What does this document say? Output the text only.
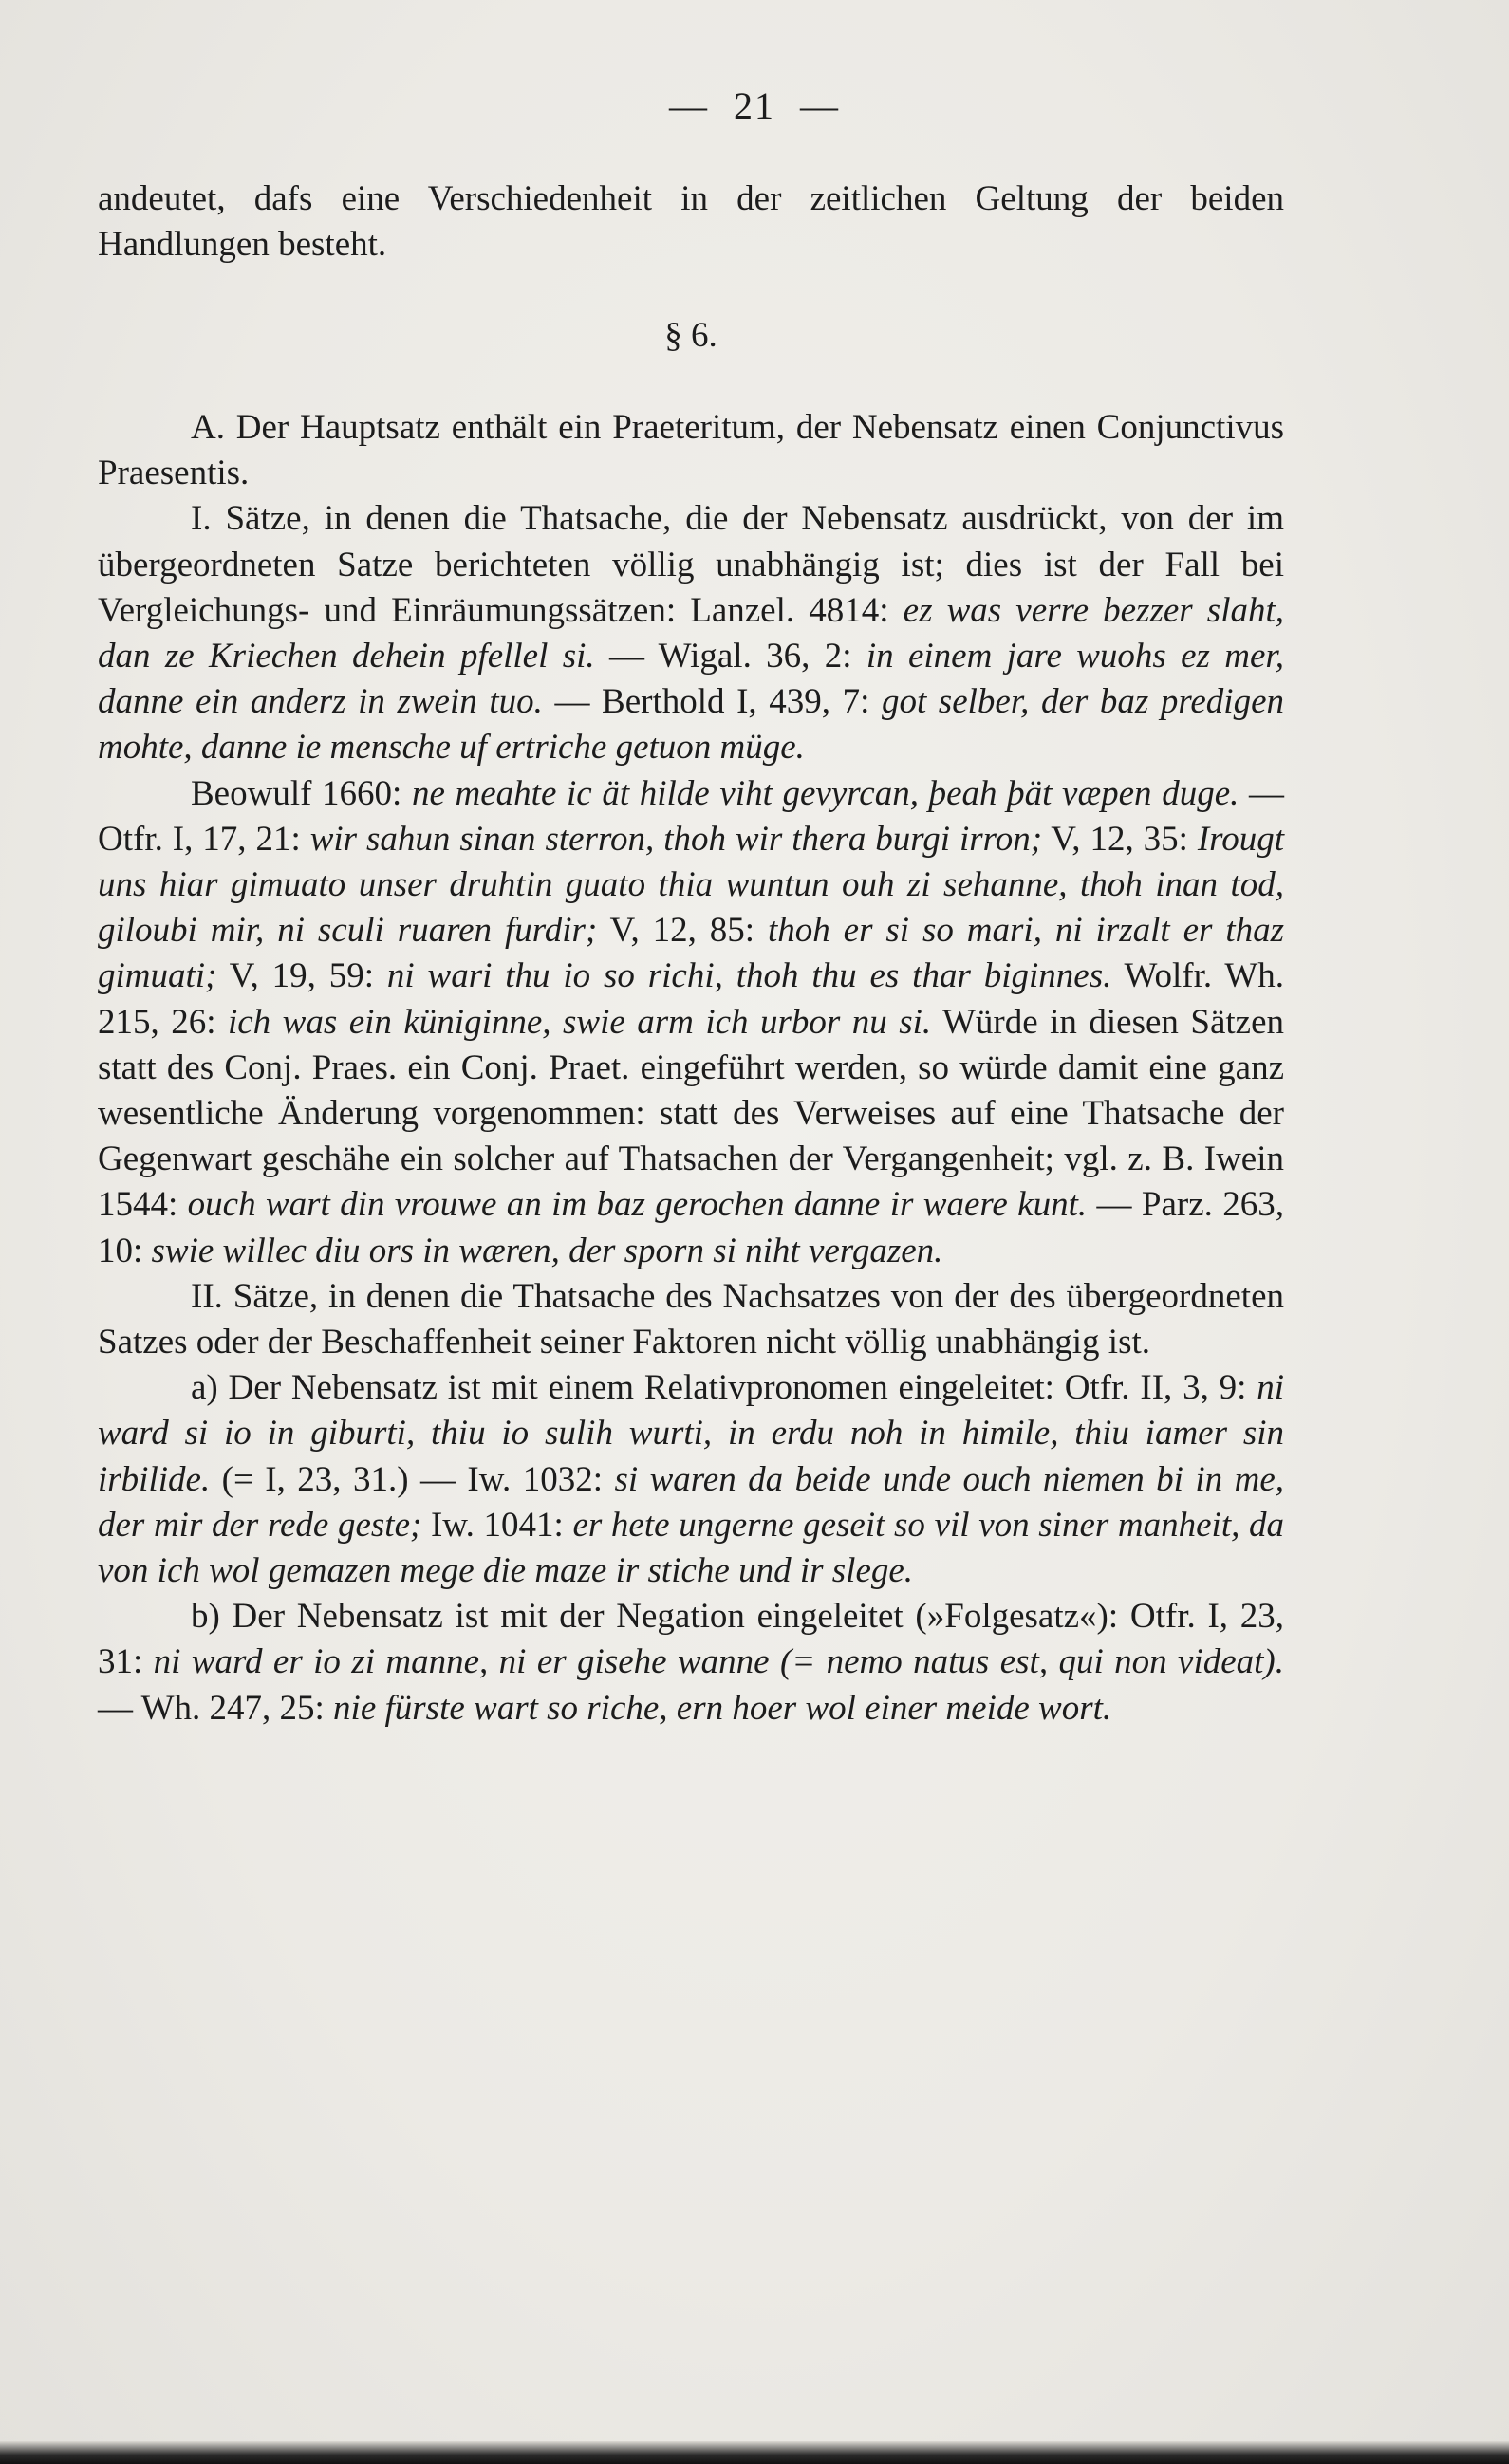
— 21 —

andeutet, dafs eine Verschiedenheit in der zeitlichen Geltung der beiden Handlungen besteht.

§ 6.

A. Der Hauptsatz enthält ein Praeteritum, der Nebensatz einen Conjunctivus Praesentis.

I. Sätze, in denen die Thatsache, die der Nebensatz ausdrückt, von der im übergeordneten Satze berichteten völlig unabhängig ist; dies ist der Fall bei Vergleichungs- und Einräumungssätzen: Lanzel. 4814: ez was verre bezzer slaht, dan ze Kriechen dehein pfellel si. — Wigal. 36, 2: in einem jare wuohs ez mer, danne ein anderz in zwein tuo. — Berthold I, 439, 7: got selber, der baz predigen mohte, danne ie mensche uf ertriche getuon müge.

Beowulf 1660: ne meahte ic ät hilde viht gevyrcan, þeah þät væpen duge. — Otfr. I, 17, 21: wir sahun sinan sterron, thoh wir thera burgi irron; V, 12, 35: Irougt uns hiar gimuato unser druhtin guato thia wuntun ouh zi sehanne, thoh inan tod, giloubi mir, ni sculi ruaren furdir; V, 12, 85: thoh er si so mari, ni irzalt er thaz gimuati; V, 19, 59: ni wari thu io so richi, thoh thu es thar biginnes. Wolfr. Wh. 215, 26: ich was ein küniginne, swie arm ich urbor nu si. Würde in diesen Sätzen statt des Conj. Praes. ein Conj. Praet. eingeführt werden, so würde damit eine ganz wesentliche Änderung vorgenommen: statt des Verweises auf eine Thatsache der Gegenwart geschähe ein solcher auf Thatsachen der Vergangenheit; vgl. z. B. Iwein 1544: ouch wart din vrouwe an im baz gerochen danne ir waere kunt. — Parz. 263, 10: swie willec diu ors in wæren, der sporn si niht vergazen.

II. Sätze, in denen die Thatsache des Nachsatzes von der des übergeordneten Satzes oder der Beschaffenheit seiner Faktoren nicht völlig unabhängig ist.

a) Der Nebensatz ist mit einem Relativpronomen eingeleitet: Otfr. II, 3, 9: ni ward si io in giburti, thiu io sulih wurti, in erdu noh in himile, thiu iamer sin irbilide. (= I, 23, 31.) — Iw. 1032: si waren da beide unde ouch niemen bi in me, der mir der rede geste; Iw. 1041: er hete ungerne geseit so vil von siner manheit, da von ich wol gemazen mege die maze ir stiche und ir slege.

b) Der Nebensatz ist mit der Negation eingeleitet (»Folgesatz«): Otfr. I, 23, 31: ni ward er io zi manne, ni er gisehe wanne (= nemo natus est, qui non videat). — Wh. 247, 25: nie fürste wart so riche, ern hoer wol einer meide wort.
